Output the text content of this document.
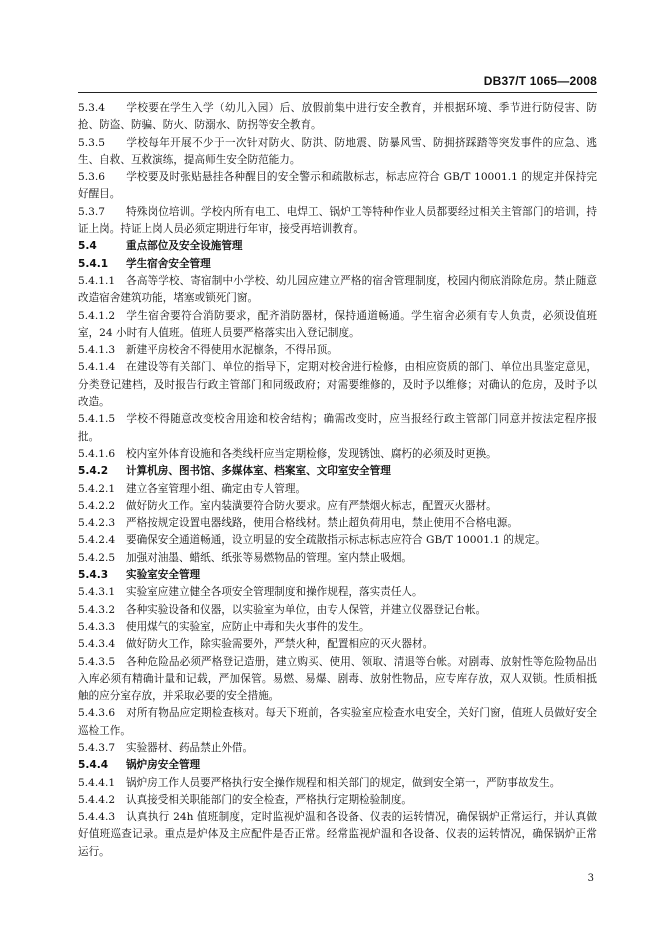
DB37/T 1065—2008

5.3.4 学校要在学生入学（幼儿入园）后、放假前集中进行安全教育，并根据环境、季节进行防侵害、防抢、防盗、防骗、防火、防溺水、防拐等安全教育。

5.3.5 学校每年开展不少于一次针对防火、防洪、防地震、防暴风雪、防拥挤踩踏等突发事件的应急、逃生、自救、互救演练，提高师生安全防范能力。

5.3.6 学校要及时张贴悬挂各种醒目的安全警示和疏散标志，标志应符合 GB/T 10001.1 的规定并保持完好醒目。

5.3.7 特殊岗位培训。学校内所有电工、电焊工、锅炉工等特种作业人员都要经过相关主管部门的培训，持证上岗。持证上岗人员必须定期进行年审，接受再培训教育。

5.4	重点部位及安全设施管理

5.4.1 学生宿舍安全管理

5.4.1.1 各高等学校、寄宿制中小学校、幼儿园应建立严格的宿舍管理制度，校园内彻底消除危房。禁止随意改造宿舍建筑功能，堵塞或锁死门窗。

5.4.1.2 学生宿舍要符合消防要求，配齐消防器材，保持通道畅通。学生宿舍必须有专人负责，必须设值班室，24 小时有人值班。值班人员要严格落实出入登记制度。

5.4.1.3 新建平房校舍不得使用水泥檩条，不得吊顶。

5.4.1.4 在建设等有关部门、单位的指导下，定期对校舍进行检修，由相应资质的部门、单位出具鉴定意见，分类登记建档，及时报告行政主管部门和同级政府；对需要维修的，及时予以维修；对确认的危房，及时予以改造。

5.4.1.5 学校不得随意改变校舍用途和校舍结构；确需改变时，应当报经行政主管部门同意并按法定程序报批。

5.4.1.6 校内室外体育设施和各类线杆应当定期检修，发现锈蚀、腐朽的必须及时更换。

5.4.2 计算机房、图书馆、多媒体室、档案室、文印室安全管理

5.4.2.1 建立各室管理小组、确定由专人管理。

5.4.2.2 做好防火工作。室内装潢要符合防火要求。应有严禁烟火标志，配置灭火器材。

5.4.2.3 严格按规定设置电器线路，使用合格线材。禁止超负荷用电，禁止使用不合格电源。

5.4.2.4 要确保安全通道畅通，设立明显的安全疏散指示标志标志应符合 GB/T 10001.1 的规定。

5.4.2.5 加强对油墨、蜡纸、纸张等易燃物品的管理。室内禁止吸烟。

5.4.3 实验室安全管理

5.4.3.1 实验室应建立健全各项安全管理制度和操作规程，落实责任人。

5.4.3.2 各种实验设备和仪器，以实验室为单位，由专人保管，并建立仪器登记台帐。

5.4.3.3 使用煤气的实验室，应防止中毒和失火事件的发生。

5.4.3.4 做好防火工作，除实验需要外，严禁火种，配置相应的灭火器材。

5.4.3.5 各种危险品必须严格登记造册，建立购买、使用、领取、清退等台帐。对剧毒、放射性等危险物品出入库必须有精确计量和记载，严加保管。易燃、易爆、剧毒、放射性物品，应专库存放，双人双锁。性质相抵触的应分室存放，并采取必要的安全措施。

5.4.3.6 对所有物品应定期检查核对。每天下班前，各实验室应检查水电安全，关好门窗，值班人员做好安全巡检工作。

5.4.3.7 实验器材、药品禁止外借。

5.4.4 锅炉房安全管理

5.4.4.1 锅炉房工作人员要严格执行安全操作规程和相关部门的规定，做到安全第一，严防事故发生。

5.4.4.2 认真接受相关职能部门的安全检查，严格执行定期检验制度。

5.4.4.3 认真执行 24h 值班制度，定时监视炉温和各设备、仪表的运转情况，确保锅炉正常运行，并认真做好值班巡查记录。重点是炉体及主应配件是否正常。经常监视炉温和各设备、仪表的运转情况，确保锅炉正常运行。

3
